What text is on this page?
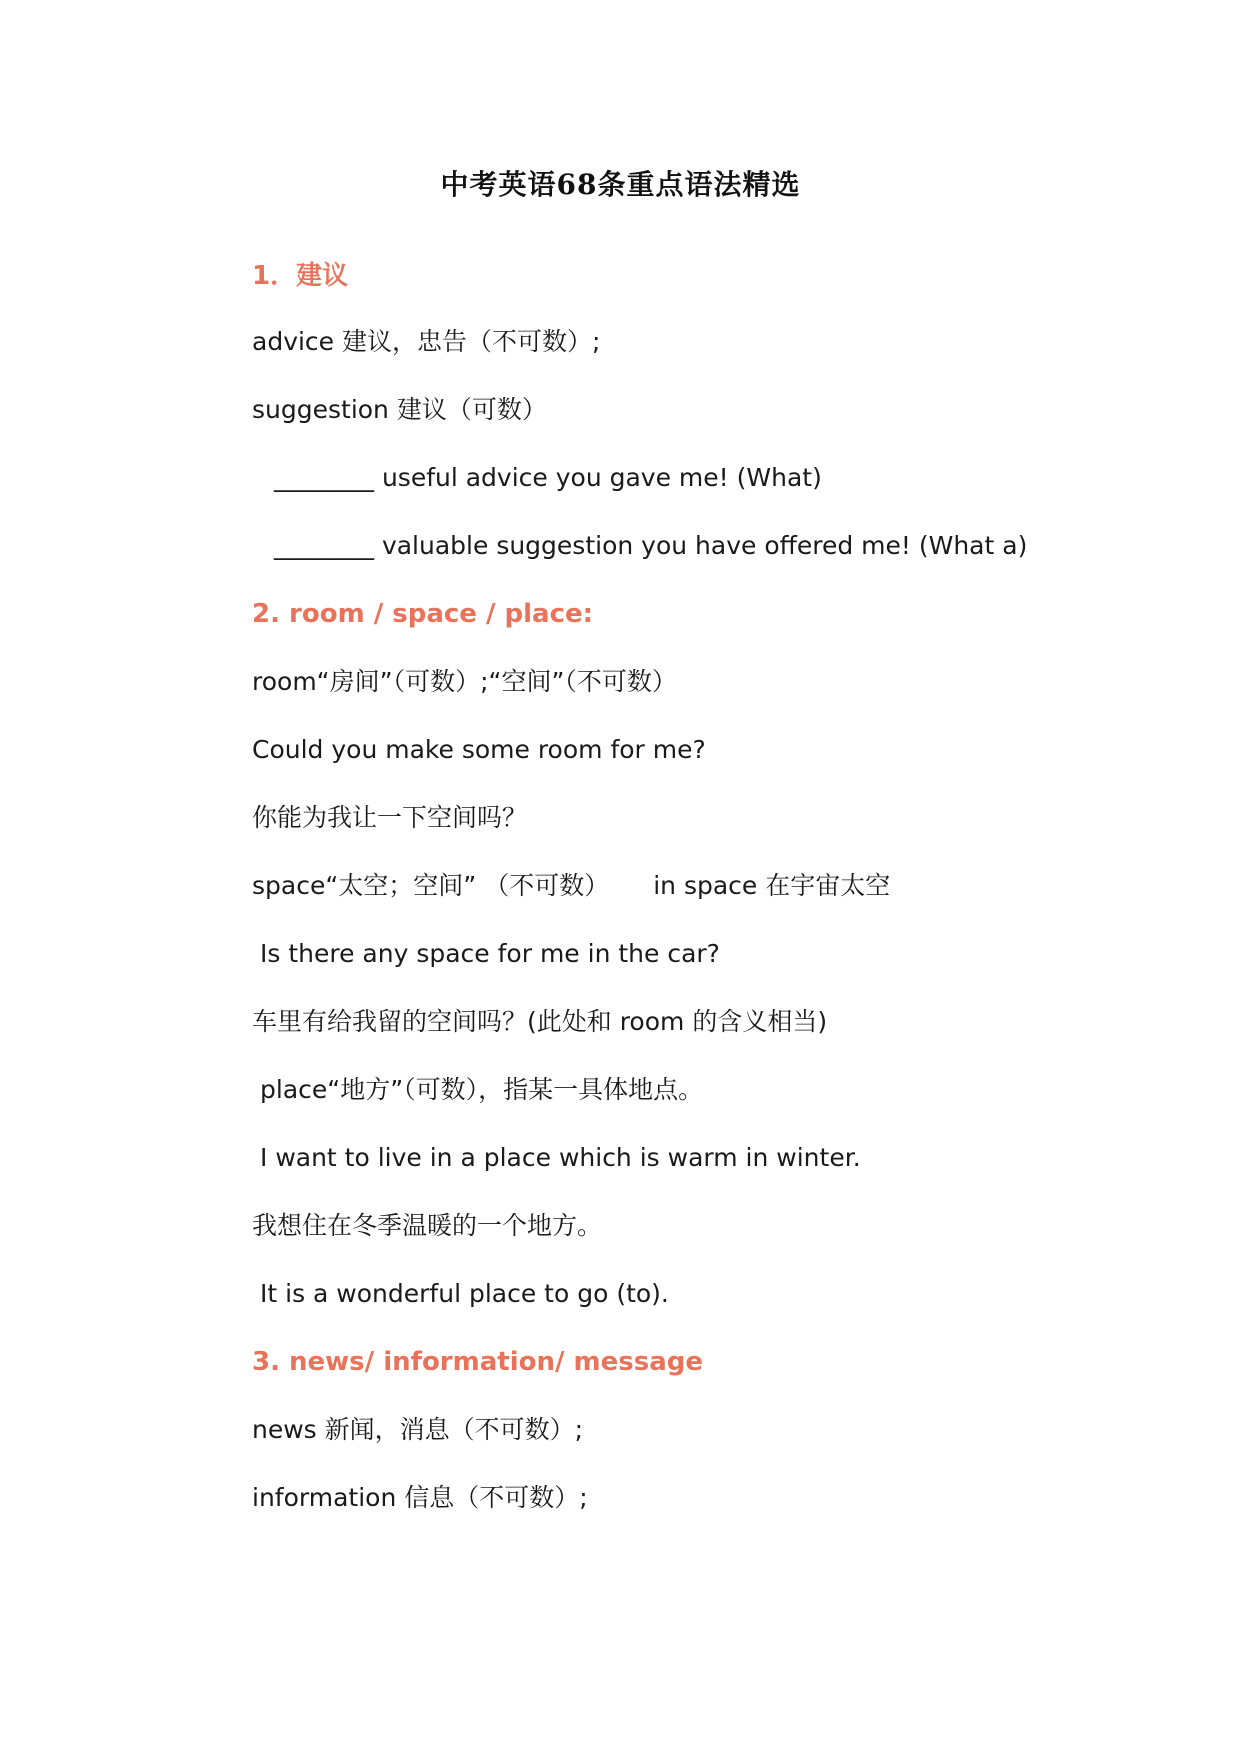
中考英语68条重点语法精选
1．建议
advice 建议，忠告（不可数）;
suggestion 建议（可数）
________ useful advice you gave me! (What)
________ valuable suggestion you have offered me! (What a)
2. room / space / place:
room“房间”（可数）;“空间”（不可数）
Could you make some room for me?
你能为我让一下空间吗？
space“太空；空间” （不可数） in space 在宇宙太空
Is there any space for me in the car?
车里有给我留的空间吗？(此处和 room 的含义相当)
place“地方”（可数），指某一具体地点。
I want to live in a place which is warm in winter.
我想住在冬季温暖的一个地方。
It is a wonderful place to go (to).
3. news/ information/ message
news 新闻，消息（不可数）;
information 信息（不可数）;
